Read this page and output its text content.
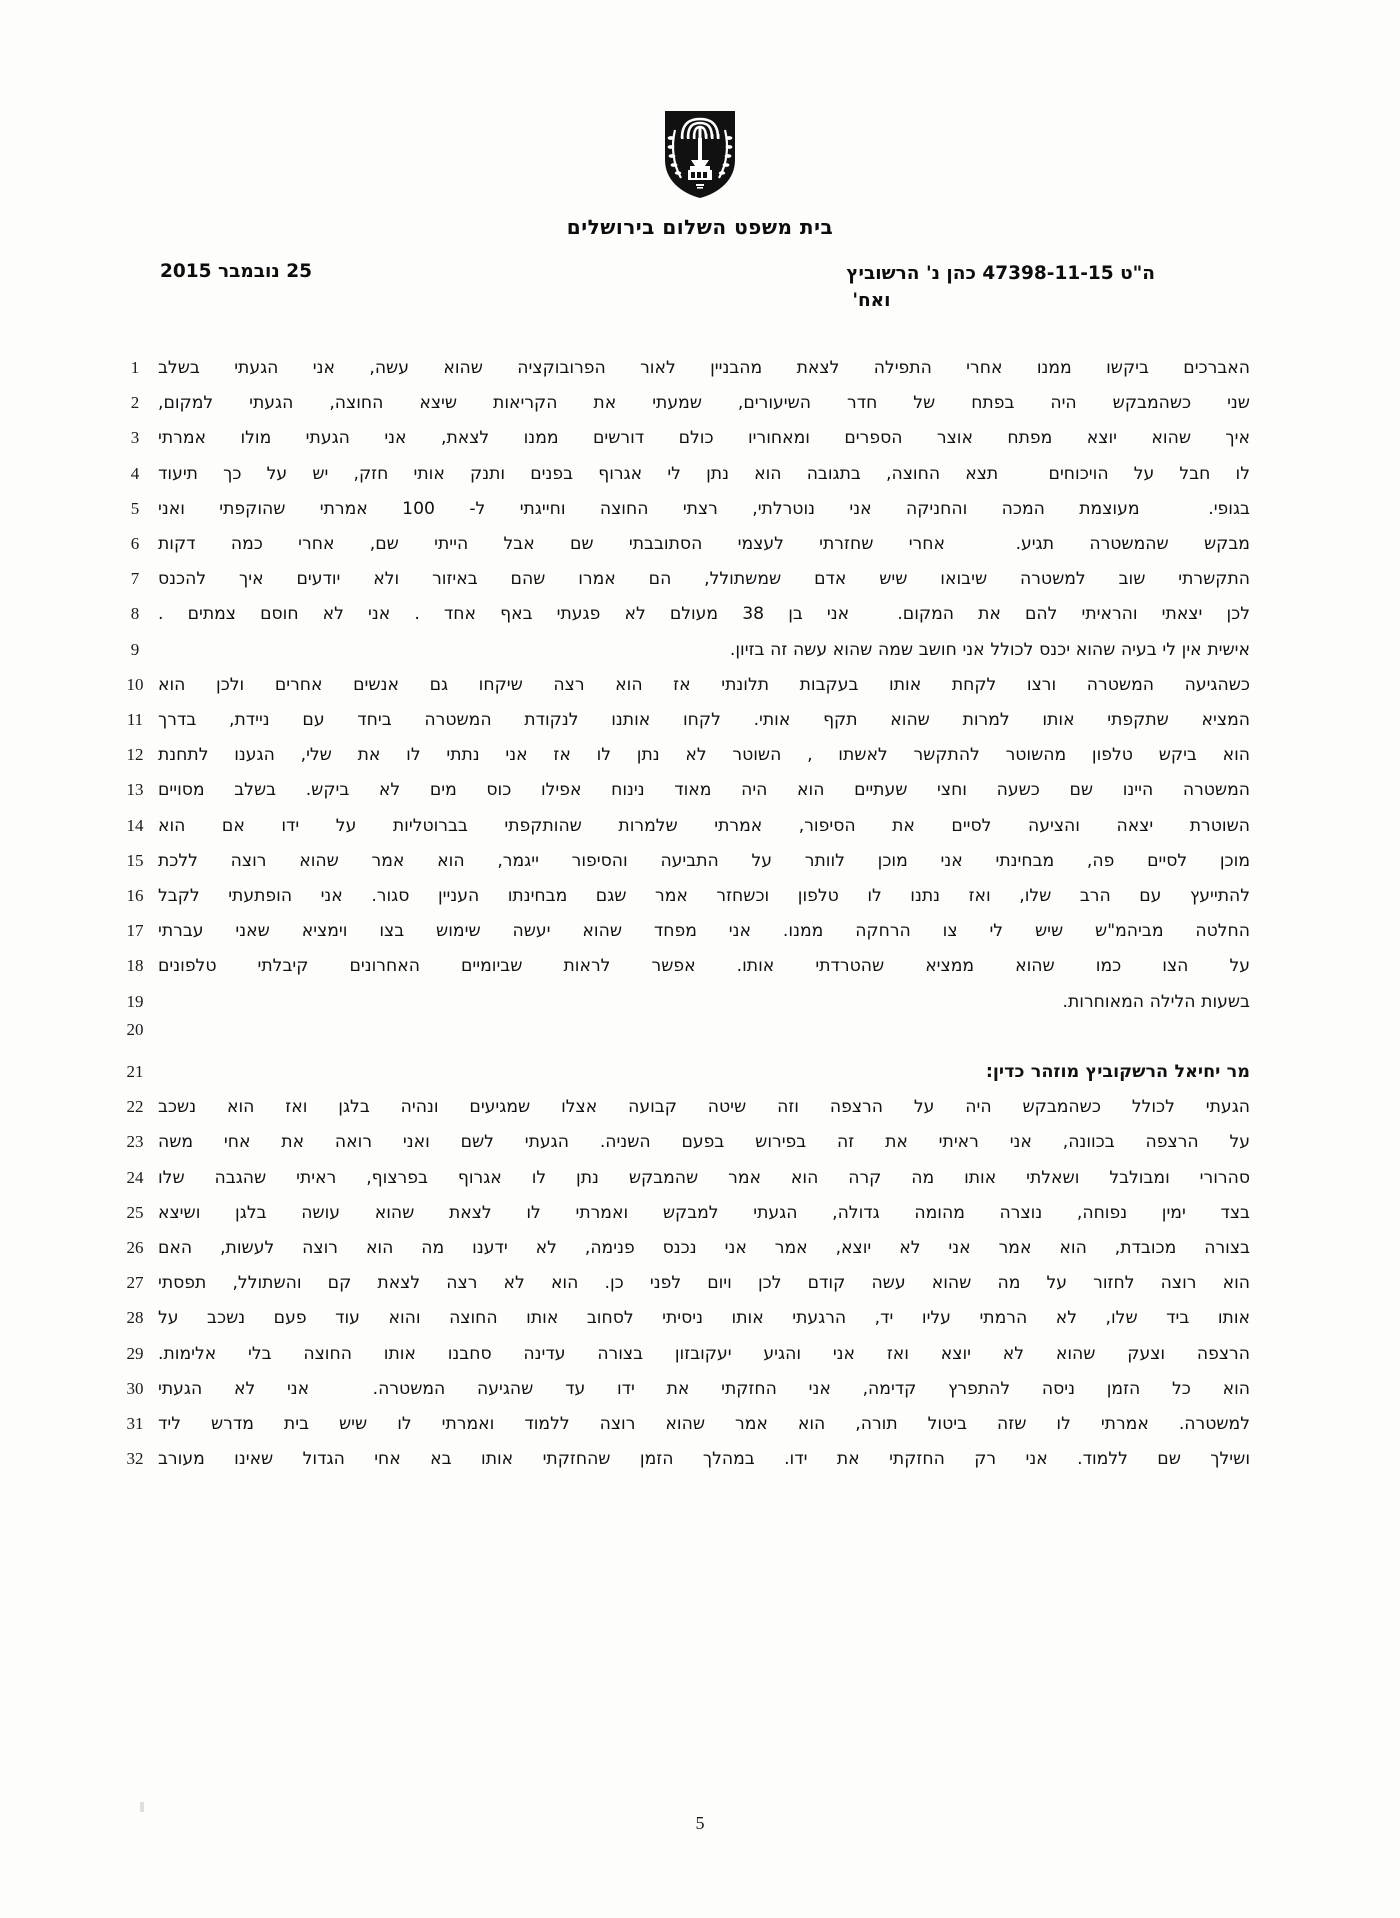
בית משפט השלום בירושלים
ה"ט 47398-11-15 כהן נ' הרשוביץ
ואח'
25 נובמבר 2015
האברכים ביקשו ממנו אחרי התפילה לצאת מהבניין לאור הפרובוקציה שהוא עשה, אני הגעתי בשלב
1
שני כשהמבקש היה בפתח של חדר השיעורים, שמעתי את הקריאות שיצא החוצה, הגעתי למקום,
2
איך שהוא יוצא מפתח אוצר הספרים ומאחוריו כולם דורשים ממנו לצאת, אני הגעתי מולו אמרתי
3
לו חבל על הויכוחים  תצא החוצה, בתגובה הוא נתן לי אגרוף בפנים ותנק אותי חזק, יש על כך תיעוד
4
בגופי.  מעוצמת המכה והחניקה אני נוטרלתי, רצתי החוצה וחייגתי ל- 100 אמרתי שהוקפתי ואני
5
מבקש שהמשטרה תגיע.  אחרי שחזרתי לעצמי הסתובבתי שם אבל הייתי שם, אחרי כמה דקות
6
התקשרתי שוב למשטרה שיבואו שיש אדם שמשתולל, הם אמרו שהם באיזור ולא יודעים איך להכנס
7
לכן יצאתי והראיתי להם את המקום.  אני בן 38 מעולם לא פגעתי באף אחד . אני לא חוסם צמתים .
8
אישית אין לי בעיה שהוא יכנס לכולל אני חושב שמה שהוא עשה זה בזיון.
9
כשהגיעה המשטרה ורצו לקחת אותו בעקבות תלונתי אז הוא רצה שיקחו גם אנשים אחרים ולכן הוא
10
המציא שתקפתי אותו למרות שהוא תקף אותי. לקחו אותנו לנקודת המשטרה ביחד עם ניידת, בדרך
11
הוא ביקש טלפון מהשוטר להתקשר לאשתו , השוטר לא נתן לו אז אני נתתי לו את שלי, הגענו לתחנת
12
המשטרה היינו שם כשעה וחצי שעתיים הוא היה מאוד נינוח אפילו כוס מים לא ביקש. בשלב מסויים
13
השוטרת יצאה והציעה לסיים את הסיפור, אמרתי שלמרות שהותקפתי בברוטליות על ידו אם הוא
14
מוכן לסיים פה, מבחינתי אני מוכן לוותר על התביעה והסיפור ייגמר, הוא אמר שהוא רוצה ללכת
15
להתייעץ עם הרב שלו, ואז נתנו לו טלפון וכשחזר אמר שגם מבחינתו העניין סגור. אני הופתעתי לקבל
16
החלטה מביהמ"ש שיש לי צו הרחקה ממנו. אני מפחד שהוא יעשה שימוש בצו וימציא שאני עברתי
17
על הצו כמו שהוא ממציא שהטרדתי אותו. אפשר לראות שביומיים האחרונים קיבלתי טלפונים
18
בשעות הלילה המאוחרות.
19
20
מר יחיאל הרשקוביץ מוזהר כדין:
21
הגעתי לכולל כשהמבקש היה על הרצפה וזה שיטה קבועה אצלו שמגיעים ונהיה בלגן ואז הוא נשכב
22
על הרצפה בכוונה, אני ראיתי את זה בפירוש בפעם השניה. הגעתי לשם ואני רואה את אחי משה
23
סהרורי ומבולבל ושאלתי אותו מה קרה הוא אמר שהמבקש נתן לו אגרוף בפרצוף, ראיתי שהגבה שלו
24
בצד ימין נפוחה, נוצרה מהומה גדולה, הגעתי למבקש ואמרתי לו לצאת שהוא עושה בלגן ושיצא
25
בצורה מכובדת, הוא אמר אני לא יוצא, אמר אני נכנס פנימה, לא ידענו מה הוא רוצה לעשות, האם
26
הוא רוצה לחזור על מה שהוא עשה קודם לכן ויום לפני כן. הוא לא רצה לצאת קם והשתולל, תפסתי
27
אותו ביד שלו, לא הרמתי עליו יד, הרגעתי אותו ניסיתי לסחוב אותו החוצה והוא עוד פעם נשכב על
28
הרצפה וצעק שהוא לא יוצא ואז אני והגיע יעקובזון בצורה עדינה סחבנו אותו החוצה בלי אלימות.
29
הוא כל הזמן ניסה להתפרץ קדימה, אני החזקתי את ידו עד שהגיעה המשטרה.  אני לא הגעתי
30
למשטרה. אמרתי לו שזה ביטול תורה, הוא אמר שהוא רוצה ללמוד ואמרתי לו שיש בית מדרש ליד
31
ושילך שם ללמוד. אני רק החזקתי את ידו. במהלך הזמן שהחזקתי אותו בא אחי הגדול שאינו מעורב
32
5
